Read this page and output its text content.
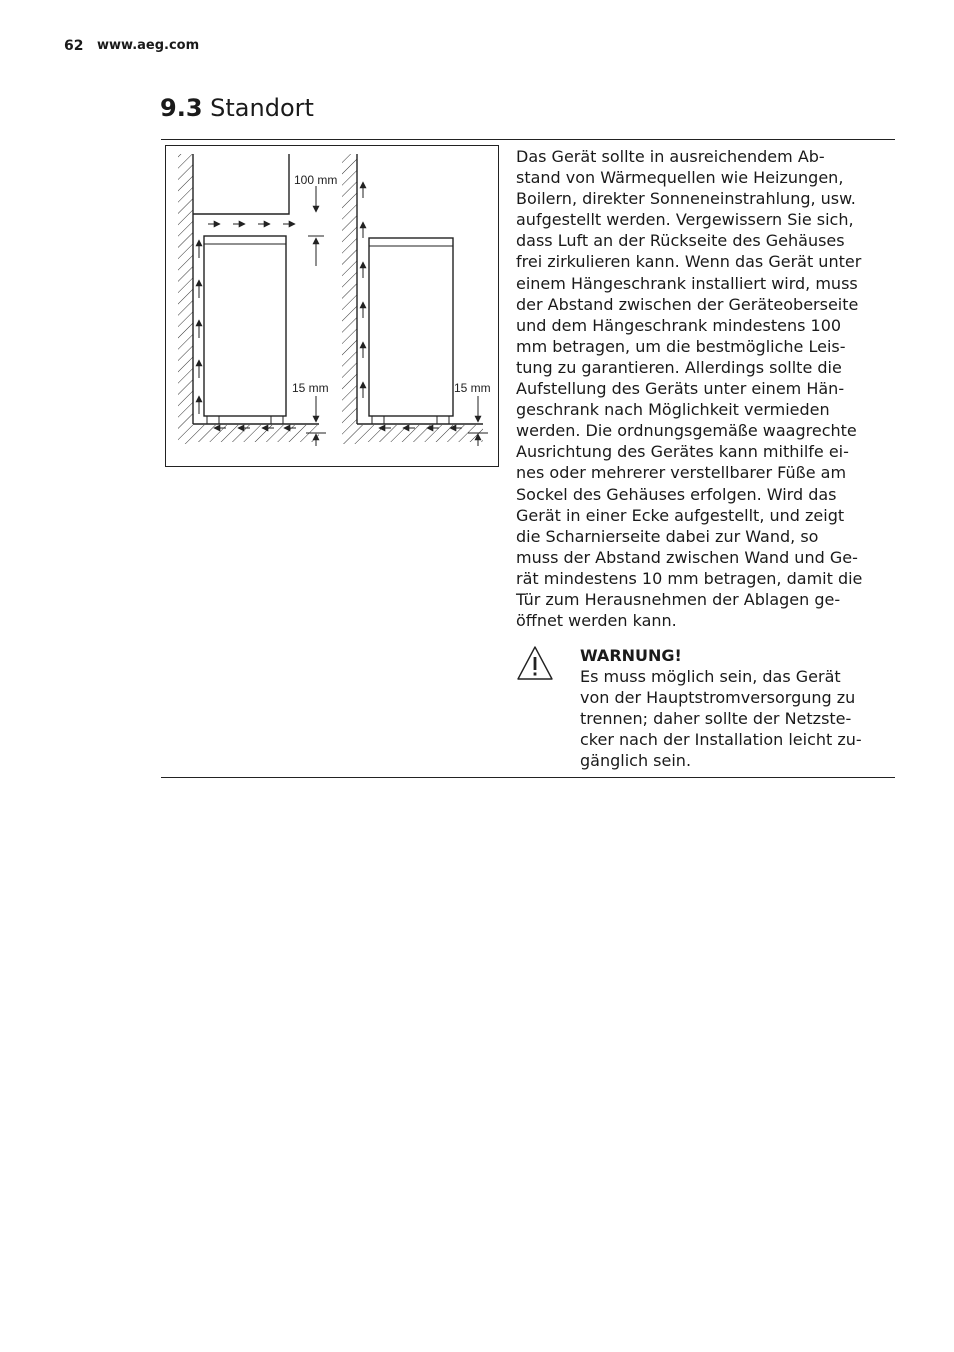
62 www.aeg.com
9.3 Standort
100 mm
15 mm	15 mm

Das Gerät sollte in ausreichendem Ab-
stand von Wärmequellen wie Heizungen,
Boilern, direkter Sonneneinstrahlung, usw.
aufgestellt werden. Vergewissern Sie sich,
dass Luft an der Rückseite des Gehäuses
frei zirkulieren kann. Wenn das Gerät unter
einem Hängeschrank installiert wird, muss
der Abstand zwischen der Geräteoberseite
und dem Hängeschrank mindestens 100
mm betragen, um die bestmögliche Leis-
tung zu garantieren. Allerdings sollte die
Aufstellung des Geräts unter einem Hän-
geschrank nach Möglichkeit vermieden
werden. Die ordnungsgemäße waagrechte
Ausrichtung des Gerätes kann mithilfe ei-
nes oder mehrerer verstellbarer Füße am
Sockel des Gehäuses erfolgen. Wird das
Gerät in einer Ecke aufgestellt, und zeigt
die Scharnierseite dabei zur Wand, so
muss der Abstand zwischen Wand und Ge-
rät mindestens 10 mm betragen, damit die
Tür zum Herausnehmen der Ablagen ge-
öffnet werden kann.

WARNUNG!

Es muss möglich sein, das Gerät
von der Hauptstromversorgung zu
trennen; daher sollte der Netzste-
cker nach der Installation leicht zu-
gänglich sein.
